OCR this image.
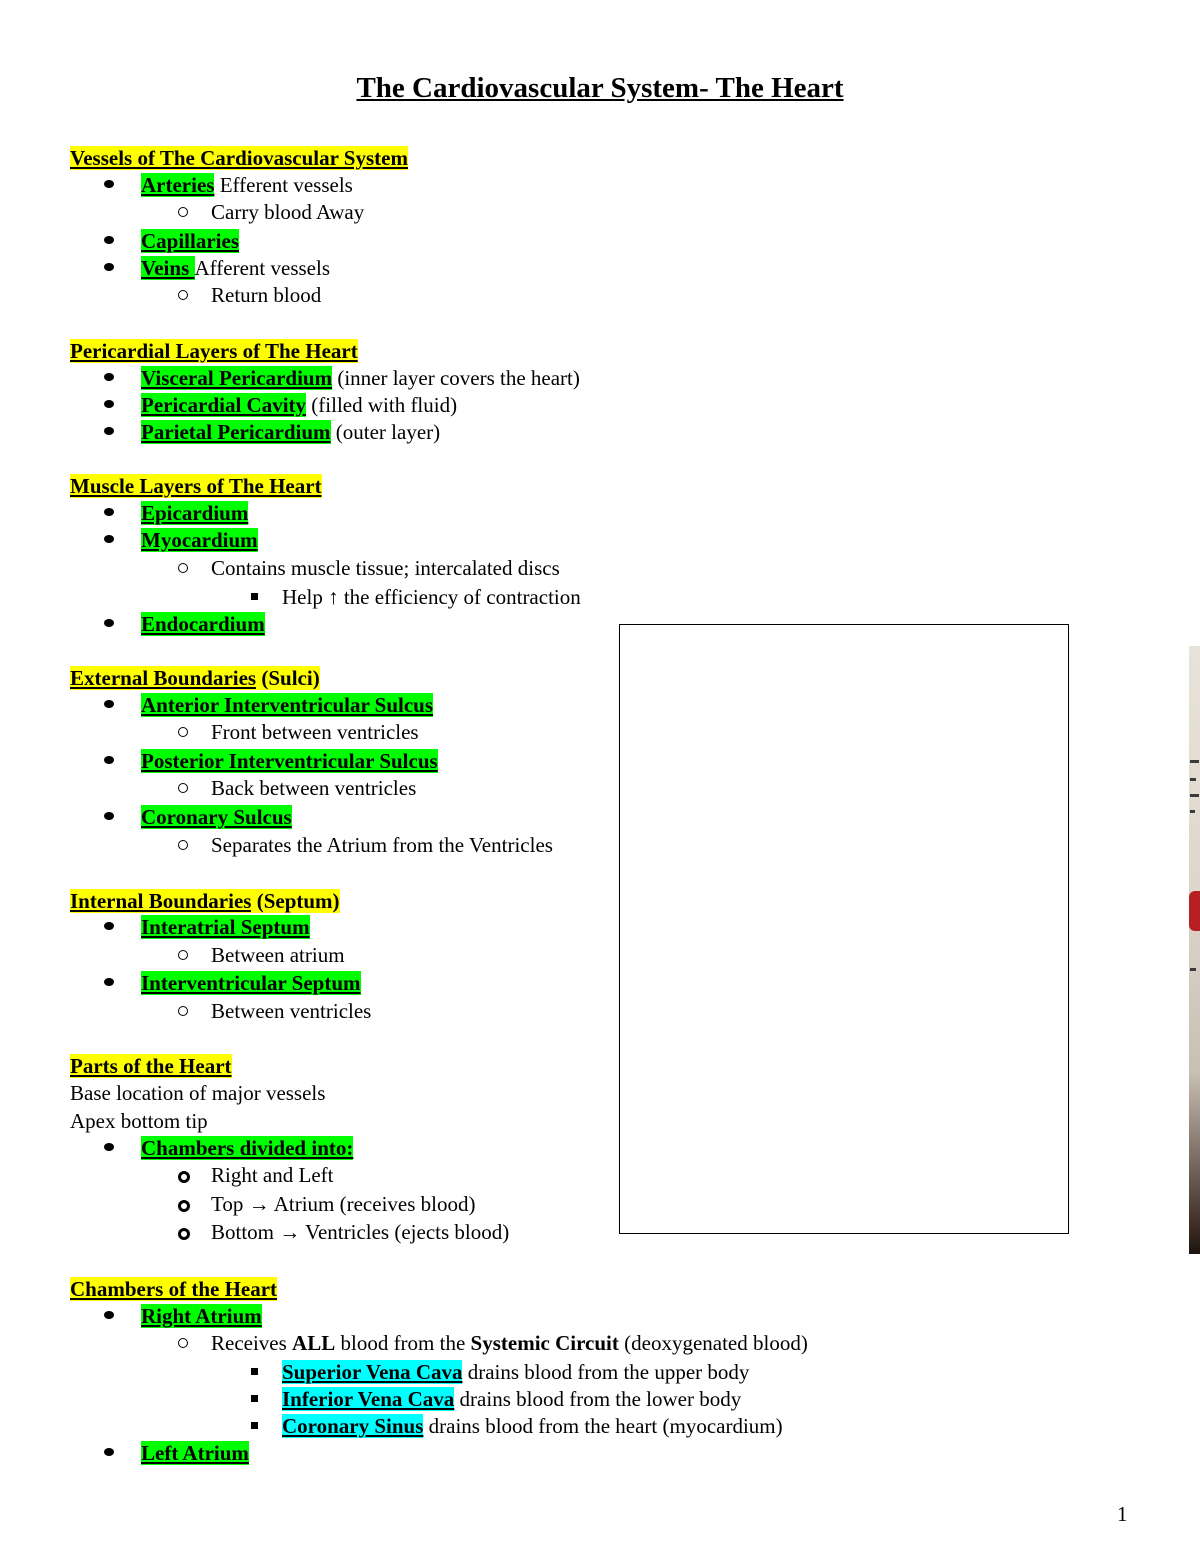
The Cardiovascular System- The Heart
Vessels of The Cardiovascular System
Arteries Efferent vessels
Carry blood Away
Capillaries
Veins Afferent vessels
Return blood
Pericardial Layers of The Heart
Visceral Pericardium (inner layer covers the heart)
Pericardial Cavity (filled with fluid)
Parietal Pericardium (outer layer)
Muscle Layers of The Heart
Epicardium
Myocardium
Contains muscle tissue; intercalated discs
Help ↑ the efficiency of contraction
Endocardium
External Boundaries (Sulci)
Anterior Interventricular Sulcus
Front between ventricles
Posterior Interventricular Sulcus
Back between ventricles
Coronary Sulcus
Separates the Atrium from the Ventricles
Internal Boundaries (Septum)
Interatrial Septum
Between atrium
Interventricular Septum
Between ventricles
Parts of the Heart
Base location of major vessels
Apex bottom tip
Chambers divided into:
Right and Left
Top → Atrium (receives blood)
Bottom → Ventricles (ejects blood)
Chambers of the Heart
Right Atrium
Receives ALL blood from the Systemic Circuit (deoxygenated blood)
Superior Vena Cava drains blood from the upper body
Inferior Vena Cava drains blood from the lower body
Coronary Sinus drains blood from the heart (myocardium)
Left Atrium
1
